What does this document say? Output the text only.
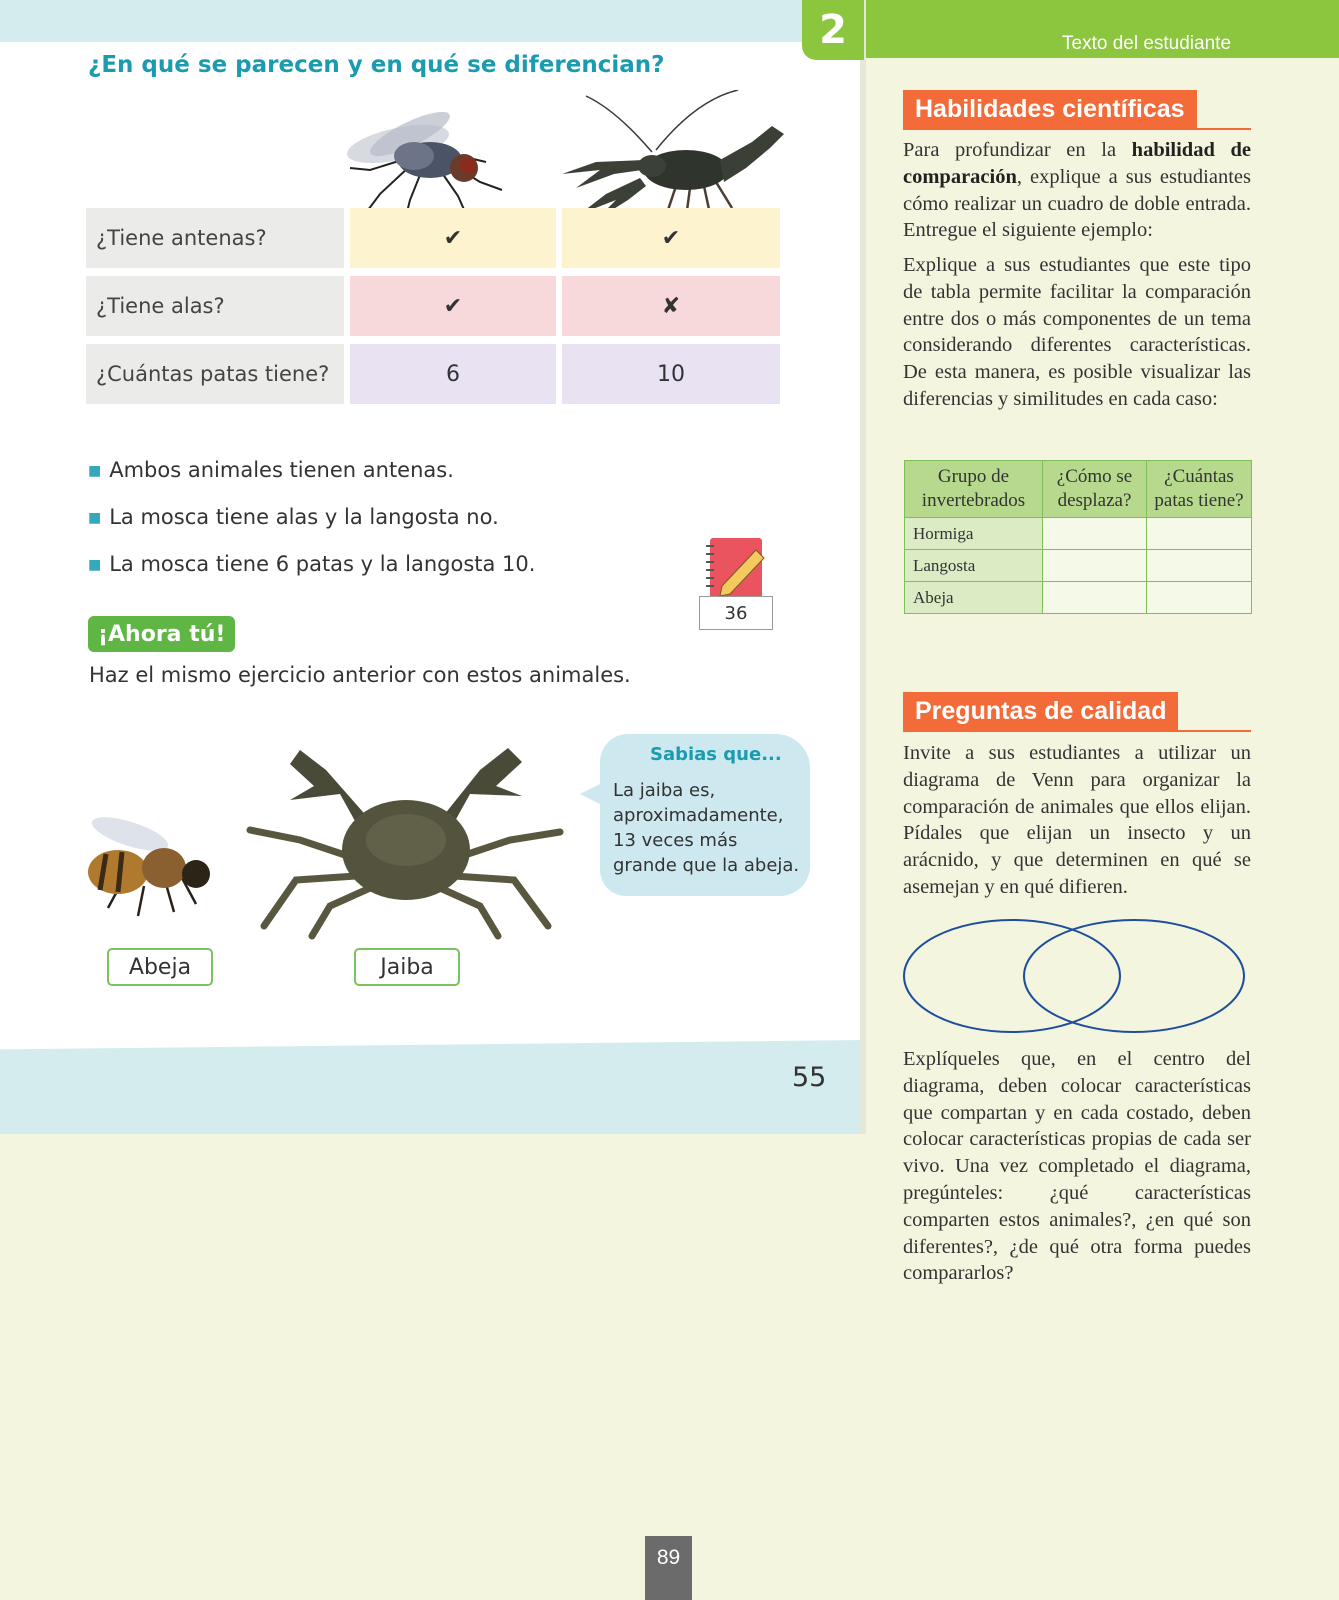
2
¿En qué se parecen y en qué se diferencian?
¿Tiene antenas?	✔	✔
¿Tiene alas?	✔	✘
¿Cuántas patas tiene?	6	10
■ Ambos animales tienen antenas.
■ La mosca tiene alas y la langosta no.
■ La mosca tiene 6 patas y la langosta 10.
36
¡Ahora tú!
Haz el mismo ejercicio anterior con estos animales.
Abeja	Jaiba
Sabias que...
La jaiba es,
aproximadamente,
13 veces más
grande que la abeja.
55
Texto del estudiante
Habilidades científicas
Para profundizar en la habilidad de comparación, explique a sus estudiantes cómo realizar un cuadro de doble entrada. Entregue el siguiente ejemplo:
Explique a sus estudiantes que este tipo de tabla permite facilitar la comparación entre dos o más componentes de un tema considerando diferentes características. De esta manera, es posible visualizar las diferencias y similitudes en cada caso:
Grupo de invertebrados	¿Cómo se desplaza?	¿Cuántas patas tiene?
Hormiga		
Langosta		
Abeja		
Preguntas de calidad
Invite a sus estudiantes a utilizar un diagrama de Venn para organizar la comparación de animales que ellos elijan. Pídales que elijan un insecto y un arácnido, y que determinen en qué se asemejan y en qué difieren.
Explíqueles que, en el centro del diagrama, deben colocar características que compartan y en cada costado, deben colocar características propias de cada ser vivo. Una vez completado el diagrama, pregúnteles: ¿qué características comparten estos animales?, ¿en qué son diferentes?, ¿de qué otra forma puedes compararlos?
89
